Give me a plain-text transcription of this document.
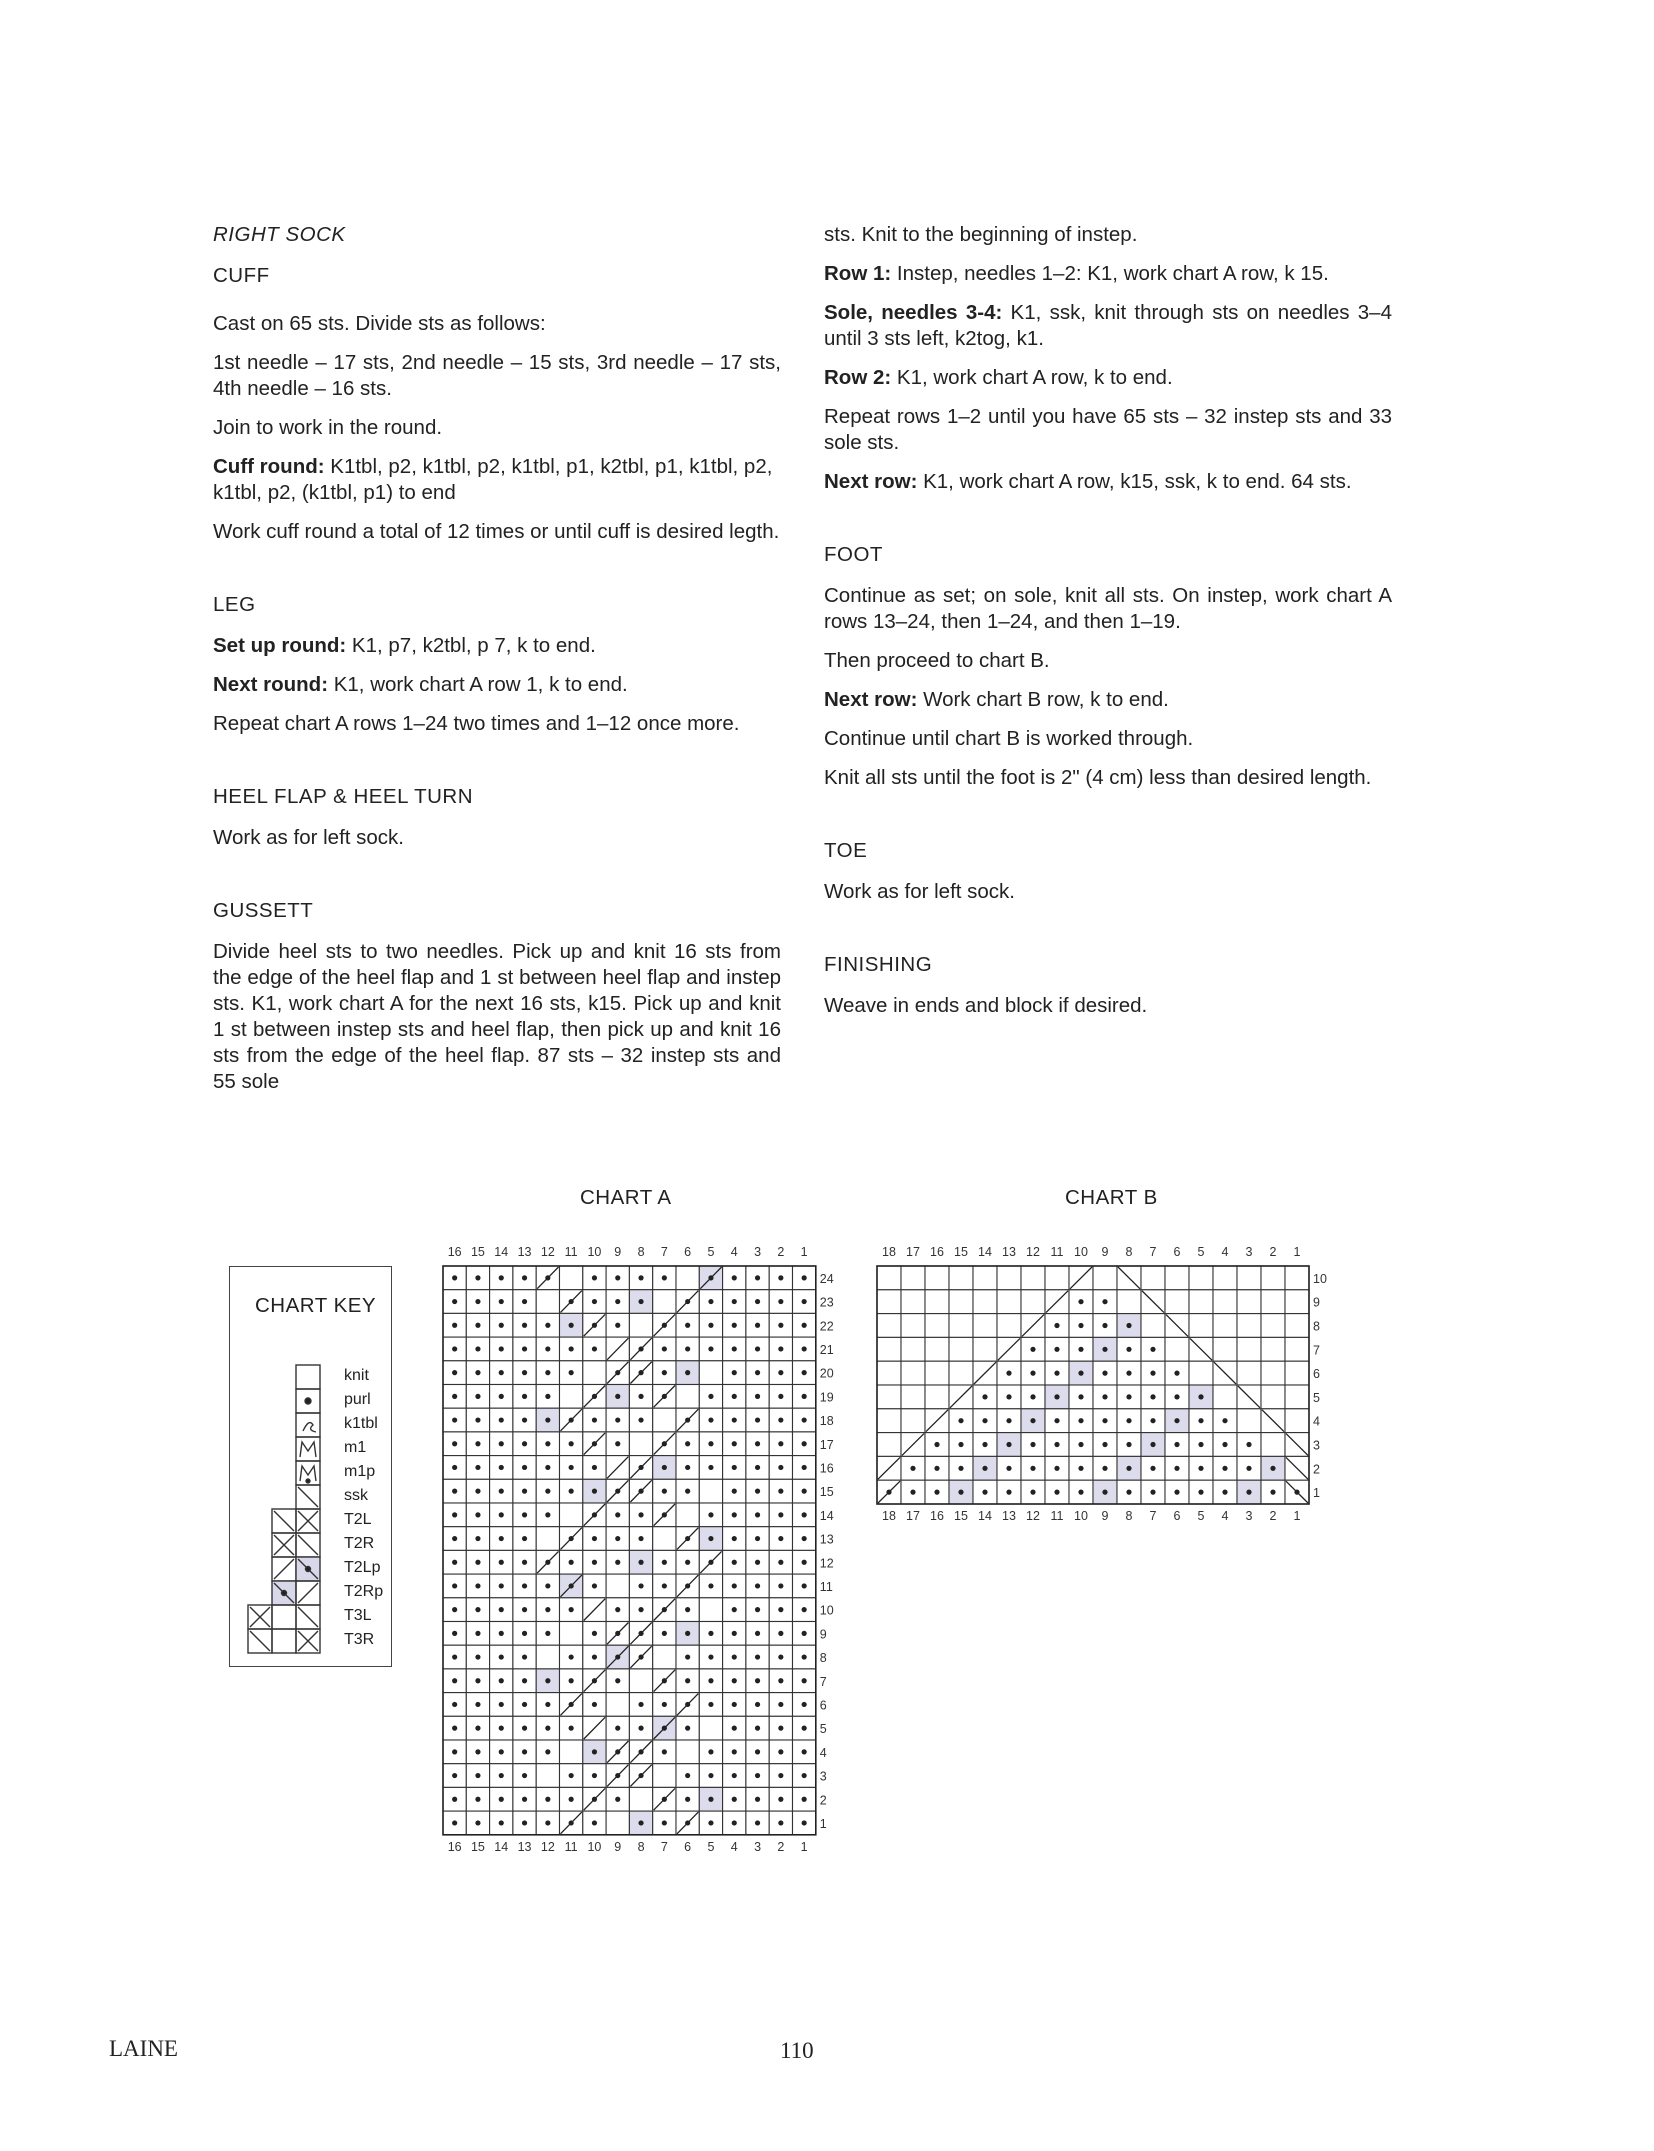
RIGHT SOCK

CUFF

Cast on 65 sts. Divide sts as follows:

1st needle – 17 sts, 2nd needle – 15 sts, 3rd needle – 17 sts, 4th needle – 16 sts.

Join to work in the round.

Cuff round: K1tbl, p2, k1tbl, p2, k1tbl, p1, k2tbl, p1, k1tbl, p2, k1tbl, p2, (k1tbl, p1) to end

Work cuff round a total of 12 times or until cuff is desired legth.

LEG

Set up round: K1, p7, k2tbl, p 7, k to end.

Next round: K1, work chart A row 1, k to end.

Repeat chart A rows 1–24 two times and 1–12 once more.

HEEL FLAP & HEEL TURN

Work as for left sock.

GUSSETT

Divide heel sts to two needles. Pick up and knit 16 sts from the edge of the heel flap and 1 st between heel flap and instep sts. K1, work chart A for the next 16 sts, k15. Pick up and knit 1 st between instep sts and heel flap, then pick up and knit 16 sts from the edge of the heel flap. 87 sts – 32 instep sts and 55 sole

sts. Knit to the beginning of instep.

Row 1: Instep, needles 1–2: K1, work chart A row, k 15.

Sole, needles 3-4: K1, ssk, knit through sts on needles 3–4 until 3 sts left, k2tog, k1.

Row 2: K1, work chart A row, k to end.

Repeat rows 1–2 until you have 65 sts – 32 instep sts and 33 sole sts.

Next row: K1, work chart A row, k15, ssk, k to end. 64 sts.

FOOT

Continue as set; on sole, knit all sts. On instep, work chart A rows 13–24, then 1–24, and then 1–19.

Then proceed to chart B.

Next row: Work chart B row, k to end.

Continue until chart B is worked through.

Knit all sts until the foot is 2" (4 cm) less than desired length.

TOE

Work as for left sock.

FINISHING

Weave in ends and block if desired.

CHART A	CHART B
CHART KEY
knit
purl
k1tbl
m1
m1p
ssk
T2L
T2R
T2Lp
T2Rp
T3L
T3R
16
16
15
15
14
14
13
13
12
12
11
11
10
10
9
9
8
8
7
7
6
6
5
5
4
4
3
3
2
2
1
1
24
23
22
21
20
19
18
17
16
15
14
13
12
11
10
9
8
7
6
5
4
3
2
1
18
18
17
17
16
16
15
15
14
14
13
13
12
12
11
11
10
10
9
9
8
8
7
7
6
6
5
5
4
4
3
3
2
2
1
1
10
9
8
7
6
5
4
3
2
1
LAINE	110
